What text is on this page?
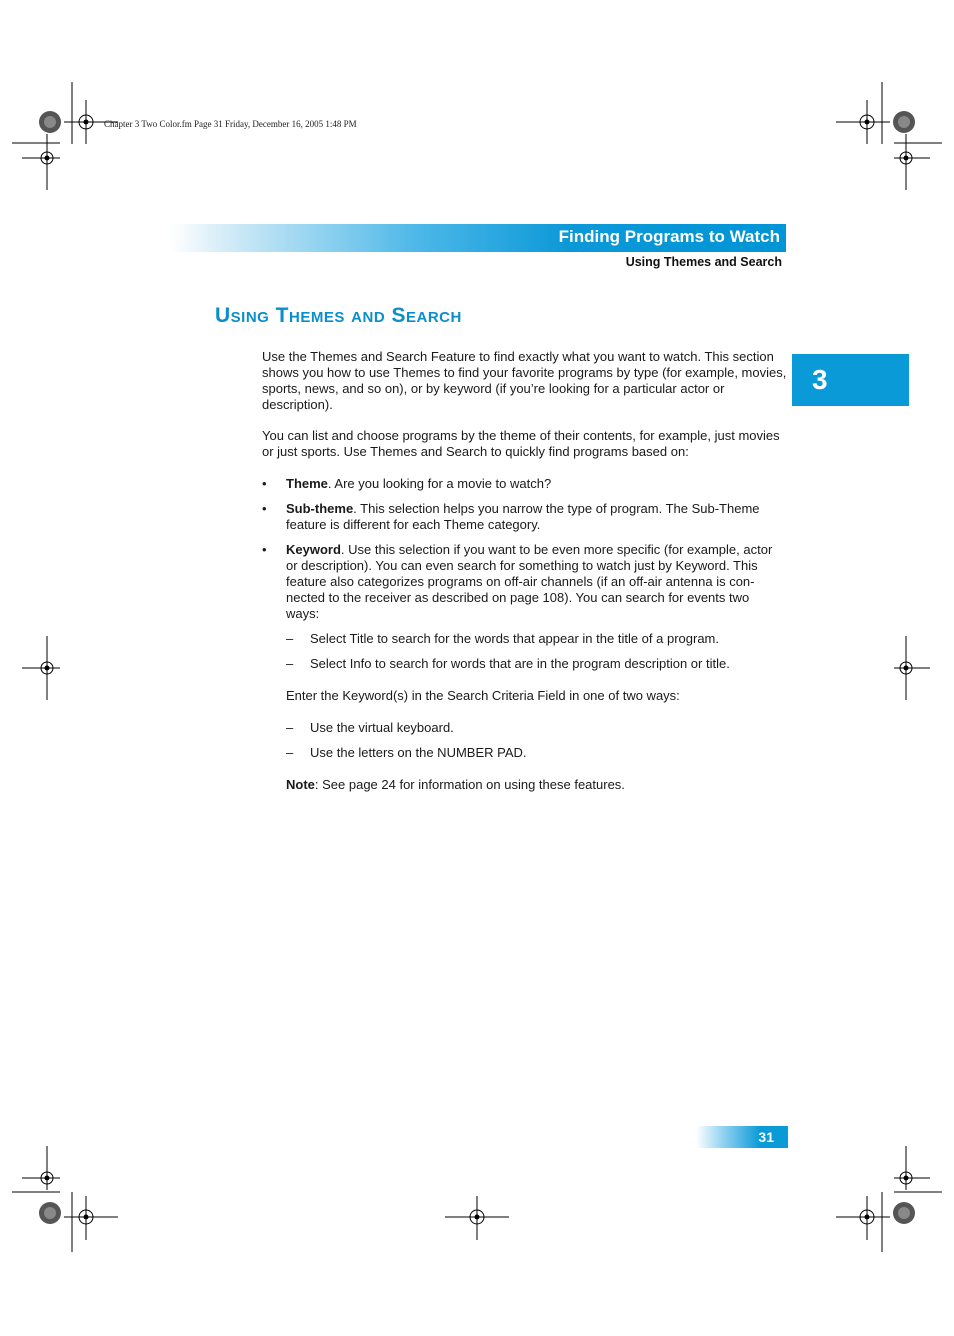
Chapter 3 Two Color.fm Page 31 Friday, December 16, 2005 1:48 PM
Finding Programs to Watch
Using Themes and Search
Using Themes and Search
3

Use the Themes and Search Feature to find exactly what you want to watch. This section shows you how to use Themes to find your favorite programs by type (for example, movies, sports, news, and so on), or by keyword (if you’re looking for a particular actor or description).

You can list and choose programs by the theme of their contents, for example, just movies or just sports. Use Themes and Search to quickly find programs based on:

• Theme. Are you looking for a movie to watch?

• Sub-theme. This selection helps you narrow the type of program. The Sub-Theme feature is different for each Theme category.

• Keyword. Use this selection if you want to be even more specific (for example, actor or description). You can even search for something to watch just by Keyword. This feature also categorizes programs on off-air channels (if an off-air antenna is con-nected to the receiver as described on page 108). You can search for events two ways:

– Select Title to search for the words that appear in the title of a program.

– Select Info to search for words that are in the program description or title.

Enter the Keyword(s) in the Search Criteria Field in one of two ways:

– Use the virtual keyboard.

– Use the letters on the NUMBER PAD.

Note: See page 24 for information on using these features.

31
